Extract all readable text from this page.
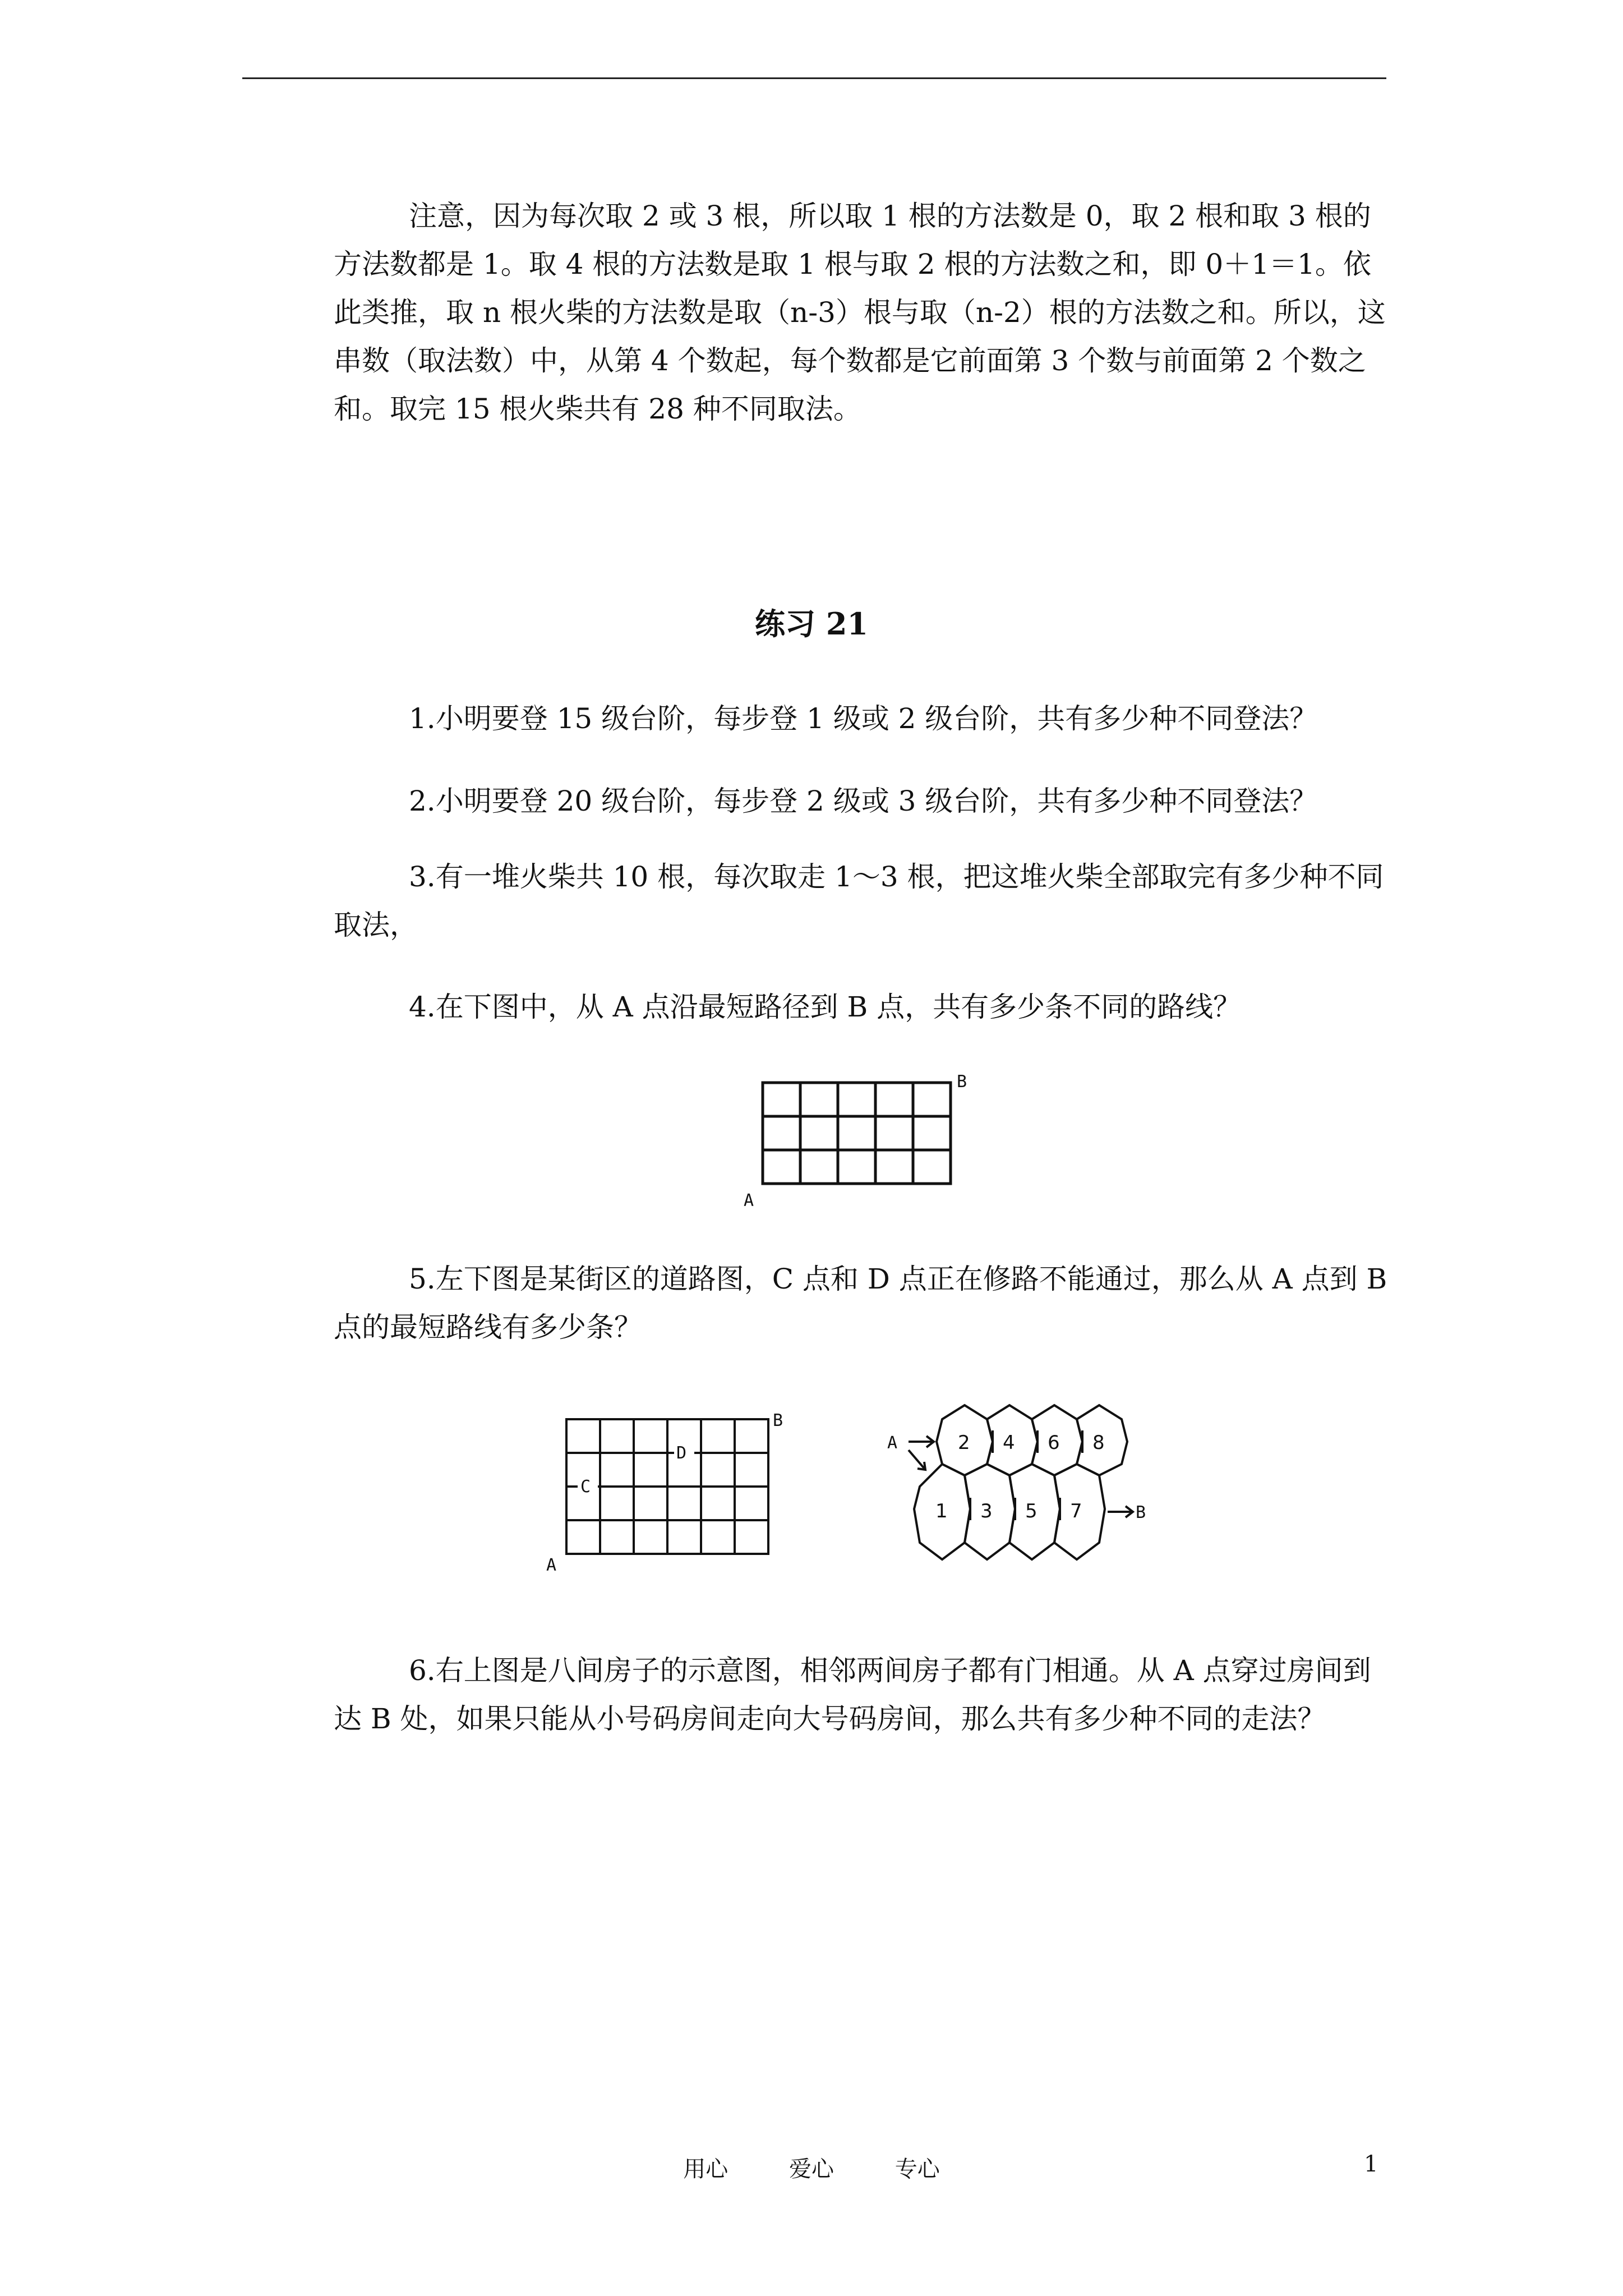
注意，因为每次取 2 或 3 根，所以取 1 根的方法数是 0，取 2 根和取 3 根的方法数都是 1。取 4 根的方法数是取 1 根与取 2 根的方法数之和，即 0＋1＝1。依此类推，取 n 根火柴的方法数是取（n-3）根与取（n-2）根的方法数之和。所以，这串数（取法数）中，从第 4 个数起，每个数都是它前面第 3 个数与前面第 2 个数之和。取完 15 根火柴共有 28 种不同取法。

练习 21

1.小明要登 15 级台阶，每步登 1 级或 2 级台阶，共有多少种不同登法？

2.小明要登 20 级台阶，每步登 2 级或 3 级台阶，共有多少种不同登法？

3.有一堆火柴共 10 根，每次取走 1～3 根，把这堆火柴全部取完有多少种不同取法，

4.在下图中，从 A 点沿最短路径到 B 点，共有多少条不同的路线？

A
B

5.左下图是某街区的道路图，C 点和 D 点正在修路不能通过，那么从 A 点到 B 点的最短路线有多少条？

C
D
A
B
A
B
2 4 6 8
1 3 5 7

6.右上图是八间房子的示意图，相邻两间房子都有门相通。从 A 点穿过房间到达 B 处，如果只能从小号码房间走向大号码房间，那么共有多少种不同的走法？

用心	爱心	专心	1
